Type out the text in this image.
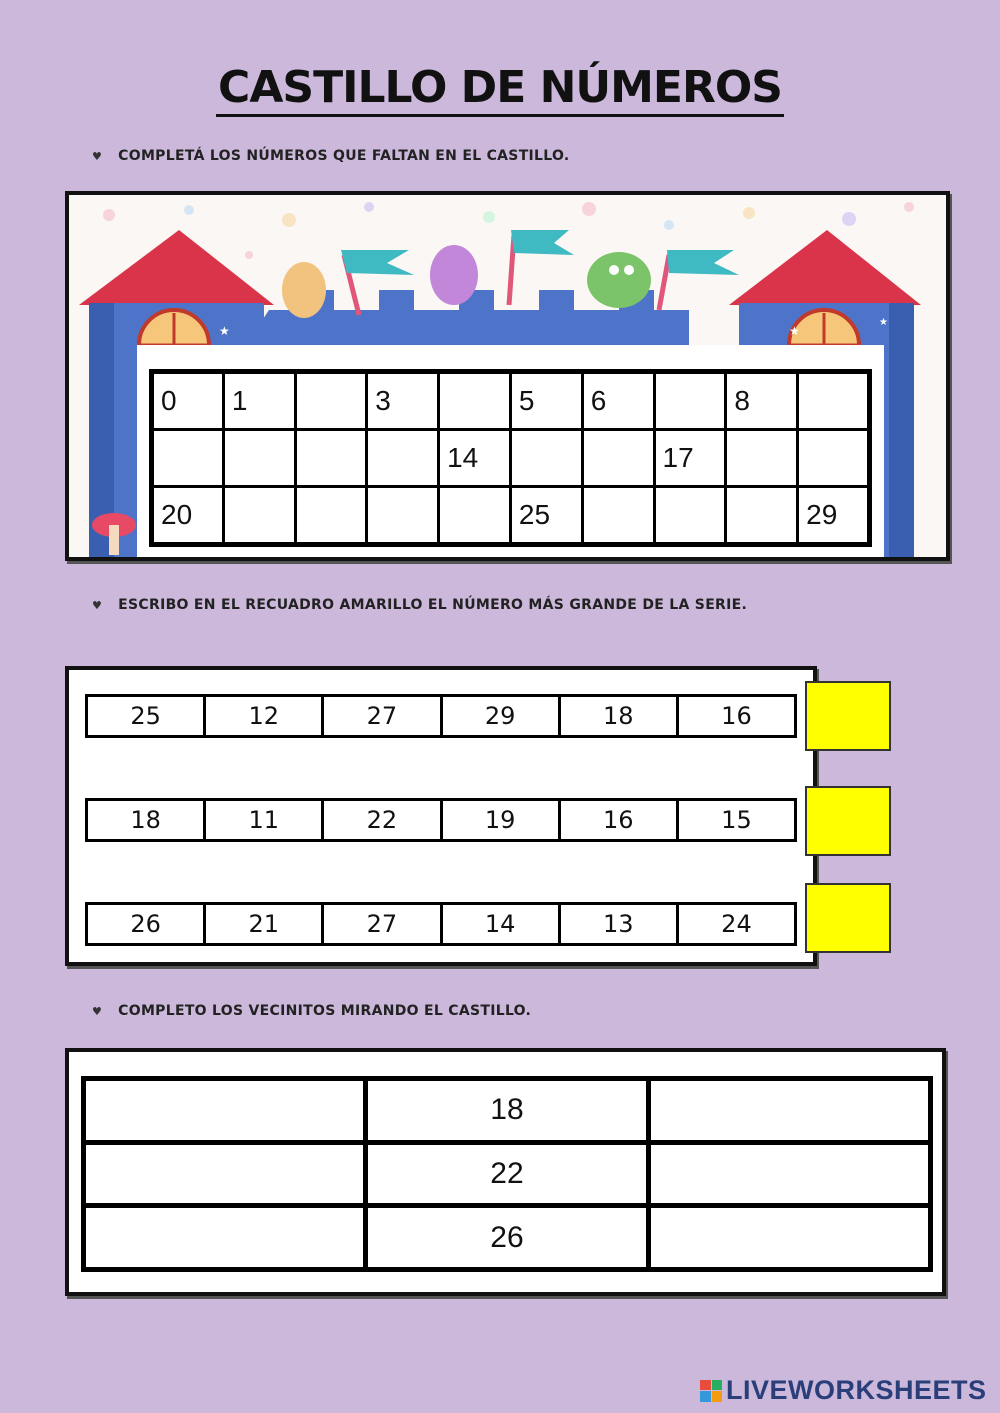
CASTILLO DE NÚMEROS
♥ COMPLETÁ LOS NÚMEROS QUE FALTAN EN EL CASTILLO.
★	★
★
0	1		3		5	6		8	
				14			17		
20					25				29
♥ ESCRIBO EN EL RECUADRO AMARILLO EL NÚMERO MÁS GRANDE DE LA SERIE.
25	12	27	29	18	16
18	11	22	19	16	15
26	21	27	14	13	24
♥ COMPLETO LOS VECINITOS MIRANDO EL CASTILLO.
	18	
	22	
	26	
LIVEWORKSHEETS
